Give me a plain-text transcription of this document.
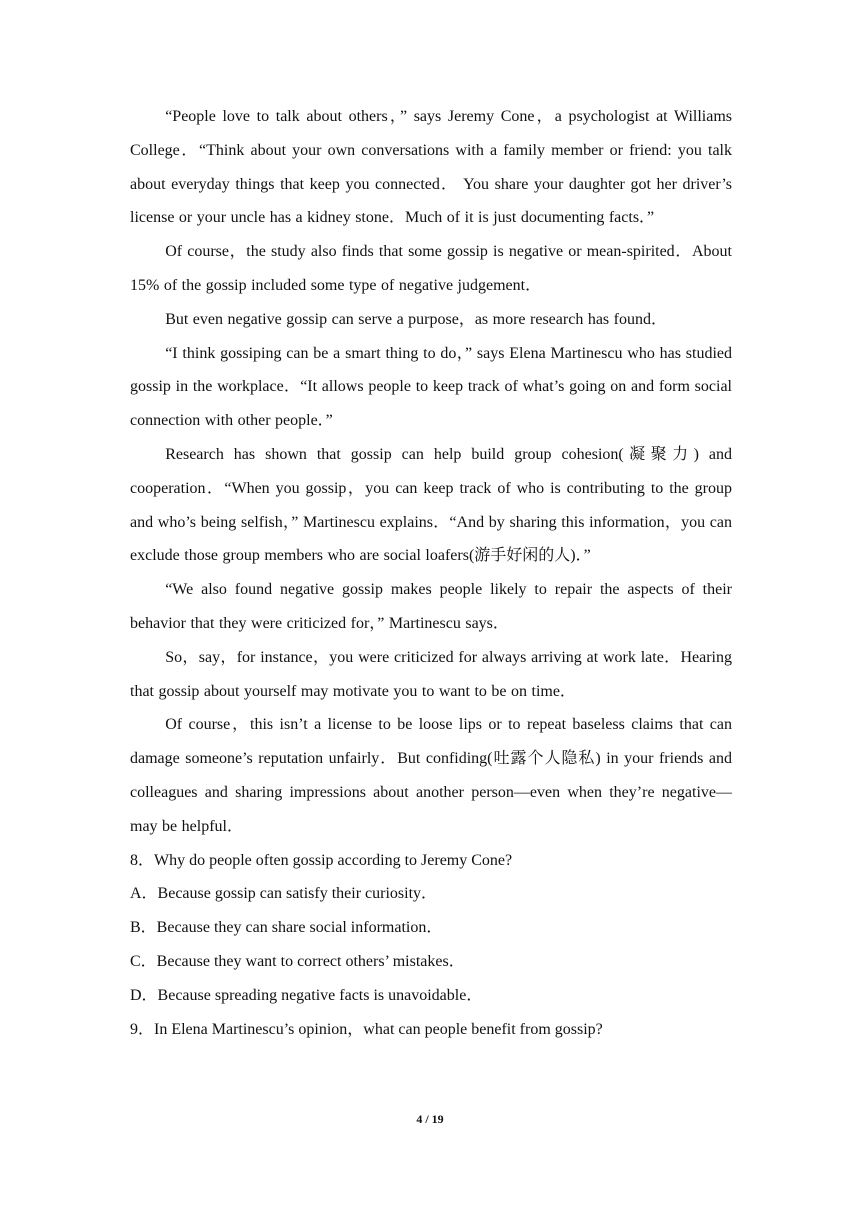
“People love to talk about others，” says Jeremy Cone，a psychologist at Williams College．“Think about your own conversations with a family member or friend: you talk about everyday things that keep you connected． You share your daughter got her driver’s license or your uncle has a kidney stone．Much of it is just documenting facts．”

Of course，the study also finds that some gossip is negative or mean-spirited．About 15% of the gossip included some type of negative judgement．

But even negative gossip can serve a purpose，as more research has found．

“I think gossiping can be a smart thing to do，” says Elena Martinescu who has studied gossip in the workplace．“It allows people to keep track of what’s going on and form social connection with other people．”

Research has shown that gossip can help build group cohesion(凝聚力) and cooperation．“When you gossip，you can keep track of who is contributing to the group and who’s being selfish，” Martinescu explains．“And by sharing this information，you can exclude those group members who are social loafers(游手好闲的人)．”

“We also found negative gossip makes people likely to repair the aspects of their behavior that they were criticized for，” Martinescu says．

So，say，for instance，you were criticized for always arriving at work late．Hearing that gossip about yourself may motivate you to want to be on time．

Of course，this isn’t a license to be loose lips or to repeat baseless claims that can damage someone’s reputation unfairly．But confiding(吐露个人隐私) in your friends and colleagues and sharing impressions about another person—even when they’re negative—may be helpful．

8．Why do people often gossip according to Jeremy Cone?

A．Because gossip can satisfy their curiosity．

B．Because they can share social information．

C．Because they want to correct others’ mistakes．

D．Because spreading negative facts is unavoidable．

9．In Elena Martinescu’s opinion，what can people benefit from gossip?

4 / 19
